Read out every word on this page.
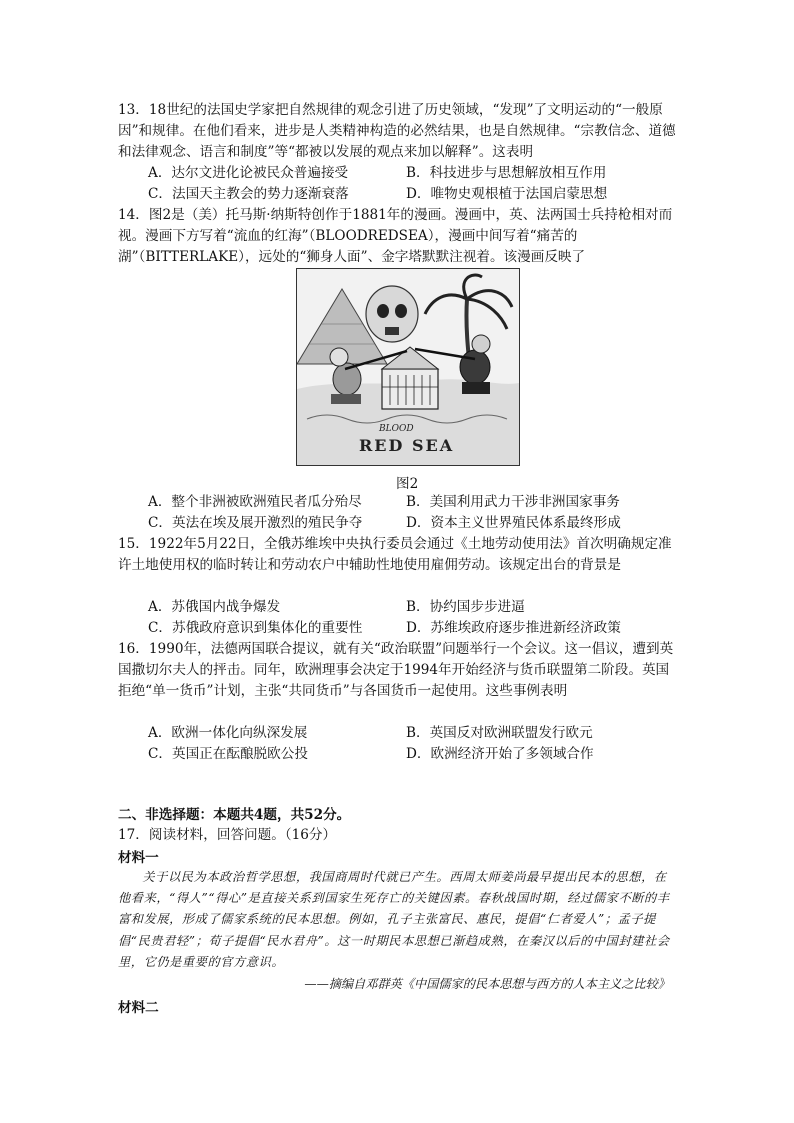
13．18世纪的法国史学家把自然规律的观念引进了历史领域，“发现”了文明运动的“一般原因”和规律。在他们看来，进步是人类精神构造的必然结果，也是自然规律。“宗教信念、道德和法律观念、语言和制度”等“都被以发展的观点来加以解释”。这表明
A．达尔文进化论被民众普遍接受	B．科技进步与思想解放相互作用
C．法国天主教会的势力逐渐衰落	D．唯物史观根植于法国启蒙思想
14．图2是（美）托马斯·纳斯特创作于1881年的漫画。漫画中，英、法两国士兵持枪相对而视。漫画下方写着“流血的红海”（BLOODREDSEA），漫画中间写着“痛苦的湖”（BITTERLAKE），远处的“狮身人面”、金字塔默默注视着。该漫画反映了
BLOOD
RED SEA
图2
A．整个非洲被欧洲殖民者瓜分殆尽	B．美国利用武力干涉非洲国家事务
C．英法在埃及展开激烈的殖民争夺	D．资本主义世界殖民体系最终形成
15．1922年5月22日，全俄苏维埃中央执行委员会通过《土地劳动使用法》首次明确规定准许土地使用权的临时转让和劳动农户中辅助性地使用雇佣劳动。该规定出台的背景是
A．苏俄国内战争爆发	B．协约国步步进逼
C．苏俄政府意识到集体化的重要性	D．苏维埃政府逐步推进新经济政策
16．1990年，法德两国联合提议，就有关“政治联盟”问题举行一个会议。这一倡议，遭到英国撒切尔夫人的抨击。同年，欧洲理事会决定于1994年开始经济与货币联盟第二阶段。英国拒绝“单一货币”计划，主张“共同货币”与各国货币一起使用。这些事例表明
A．欧洲一体化向纵深发展	B．英国反对欧洲联盟发行欧元
C．英国正在酝酿脱欧公投	D．欧洲经济开始了多领域合作
二、非选择题：本题共4题，共52分。
17．阅读材料，回答问题。（16分）
材料一
关于以民为本政治哲学思想，我国商周时代就已产生。西周太师姜尚最早提出民本的思想，在他看来，“得人”“得心”是直接关系到国家生死存亡的关键因素。春秋战国时期，经过儒家不断的丰富和发展，形成了儒家系统的民本思想。例如，孔子主张富民、惠民，提倡“仁者爱人”；孟子提倡“民贵君轻”；荀子提倡“民水君舟”。这一时期民本思想已渐趋成熟，在秦汉以后的中国封建社会里，它仍是重要的官方意识。
——摘编自邓群英《中国儒家的民本思想与西方的人本主义之比较》
材料二
